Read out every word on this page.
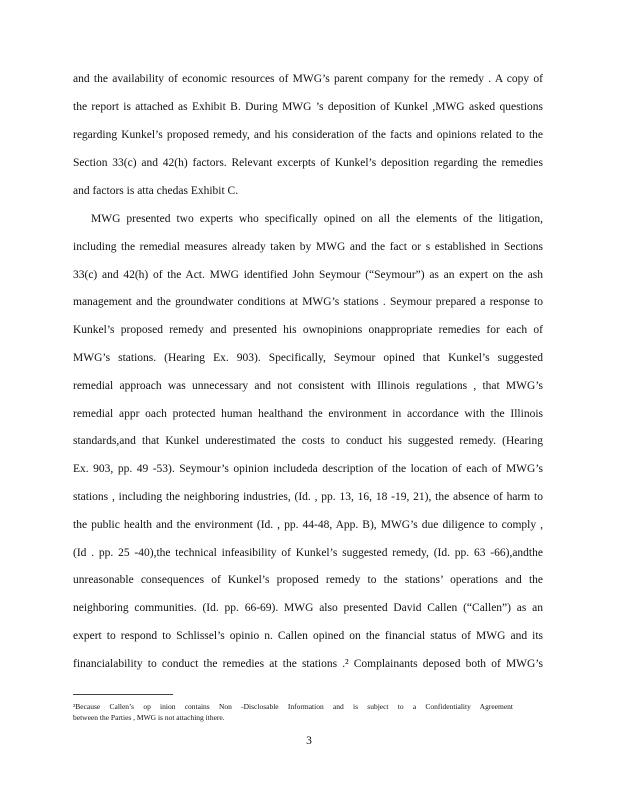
and the availability of economic resources of MWG’s parent company for the remedy . A copy of
the report is attached as Exhibit B. During MWG ’s deposition of Kunkel ,MWG asked questions
regarding Kunkel’s proposed remedy, and his consideration of the facts and opinions related to the
Section 33(c) and 42(h) factors. Relevant excerpts of Kunkel’s deposition regarding the remedies
and factors is atta chedas Exhibit C.
MWG presented two experts who specifically opined on all the elements of the litigation,
including the remedial measures already taken by MWG and the fact or s established in Sections
33(c) and 42(h) of the Act. MWG identified John Seymour (“Seymour”) as an expert on the ash
management and the groundwater conditions at MWG’s stations . Seymour prepared a response to
Kunkel’s proposed remedy and presented his ownopinions onappropriate remedies for each of
MWG’s stations. (Hearing Ex. 903). Specifically, Seymour opined that Kunkel’s suggested
remedial approach was unnecessary and not consistent with Illinois regulations , that MWG’s
remedial appr oach protected human healthand the environment in accordance with the Illinois
standards,and that Kunkel underestimated the costs to conduct his suggested remedy. (Hearing
Ex. 903, pp. 49 -53). Seymour’s opinion includeda description of the location of each of MWG’s
stations , including the neighboring industries, (Id. , pp. 13, 16, 18 -19, 21), the absence of harm to
the public health and the environment (Id. , pp. 44-48, App. B), MWG’s due diligence to comply ,
(Id . pp. 25 -40),the technical infeasibility of Kunkel’s suggested remedy, (Id. pp. 63 -66),andthe
unreasonable consequences of Kunkel’s proposed remedy to the stations’ operations and the
neighboring communities. (Id. pp. 66-69). MWG also presented David Callen (“Callen”) as an
expert to respond to Schlissel’s opinio n. Callen opined on the financial status of MWG and its
financialability to conduct the remedies at the stations .² Complainants deposed both of MWG’s
²Because Callen’s op inion contains Non -Disclosable Information and is subject to a Confidentiality Agreement
between the Parties , MWG is not attaching ithere.
3
